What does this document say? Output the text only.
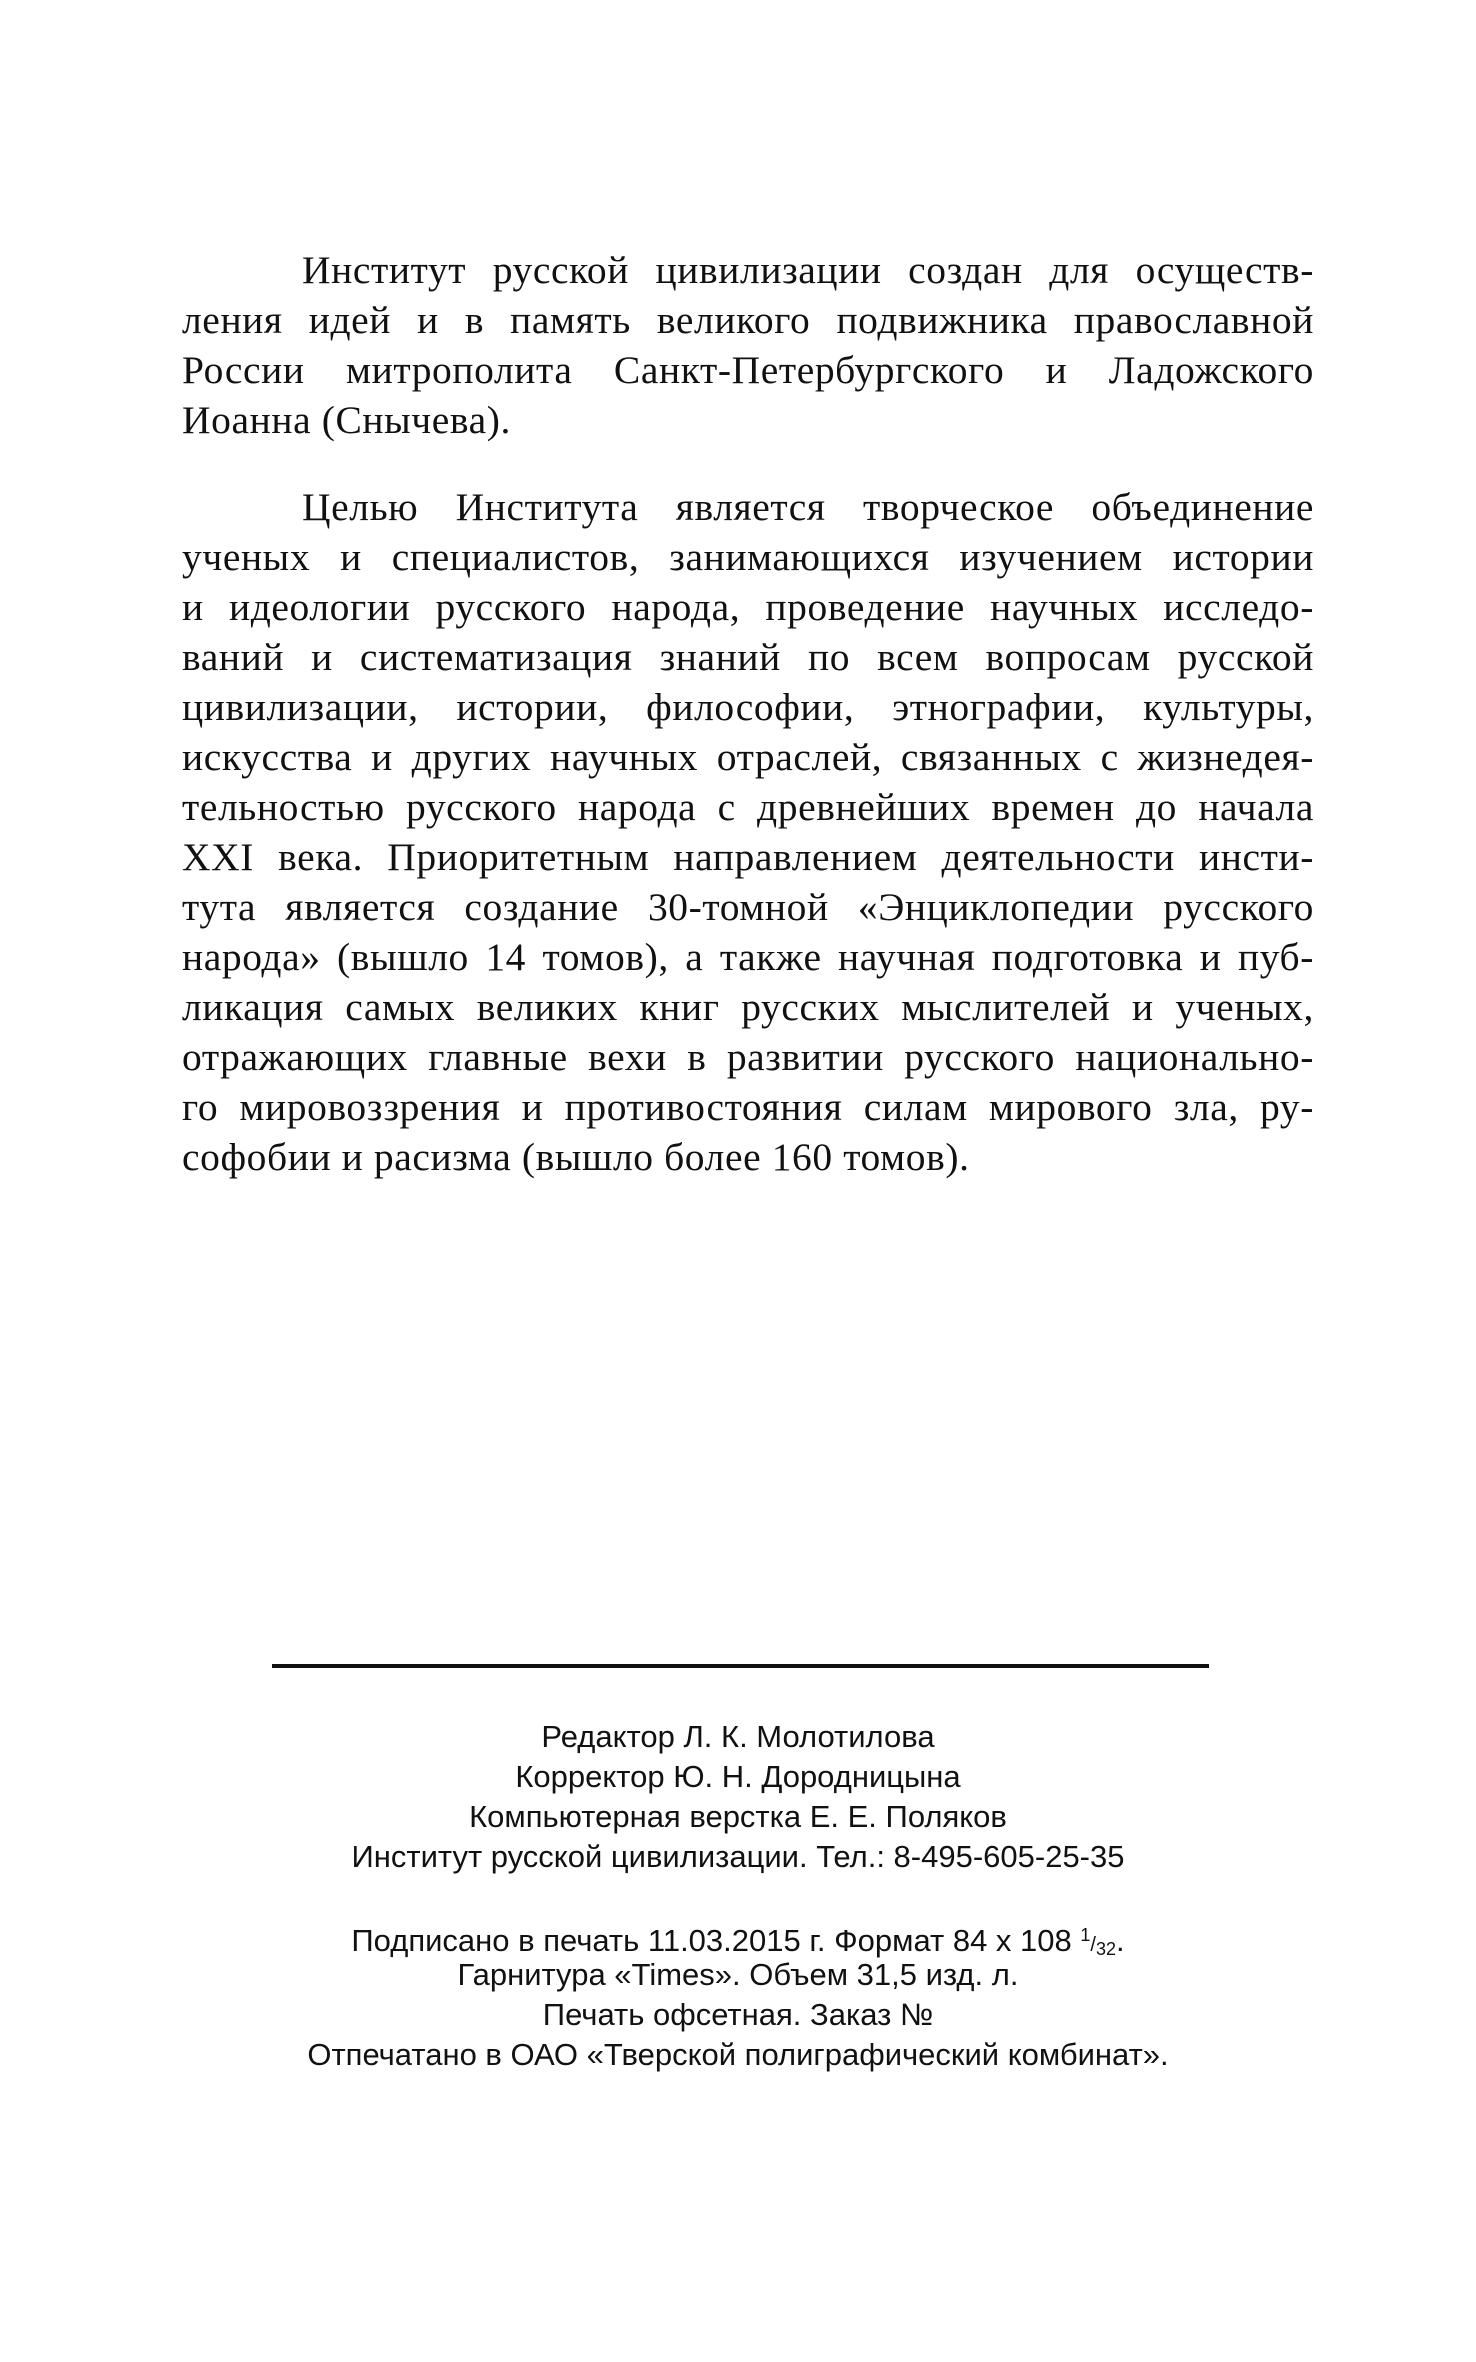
Институт русской цивилизации создан для осуществ-
ления идей и в память великого подвижника православной
России митрополита Санкт-Петербургского и Ладожского
Иоанна (Снычева).

Целью Института является творческое объединение
ученых и специалистов, занимающихся изучением истории
и идеологии русского народа, проведение научных исследо-
ваний и систематизация знаний по всем вопросам русской
цивилизации, истории, философии, этнографии, культуры,
искусства и других научных отраслей, связанных с жизнедея-
тельностью русского народа с древнейших времен до начала
XXI века. Приоритетным направлением деятельности инсти-
тута является создание 30-томной «Энциклопедии русского
народа» (вышло 14 томов), а также научная подготовка и пуб-
ликация самых великих книг русских мыслителей и ученых,
отражающих главные вехи в развитии русского национально-
го мировоззрения и противостояния силам мирового зла, ру-
софобии и расизма (вышло более 160 томов).

Редактор Л. К. Молотилова
Корректор Ю. Н. Дородницына
Компьютерная верстка Е. Е. Поляков
Институт русской цивилизации. Тел.: 8-495-605-25-35
Подписано в печать 11.03.2015 г. Формат 84 х 108 $^1/_{32}$.
Гарнитура «Times». Объем 31,5 изд. л.
Печать офсетная. Заказ №
Отпечатано в ОАО «Тверской полиграфический комбинат».
